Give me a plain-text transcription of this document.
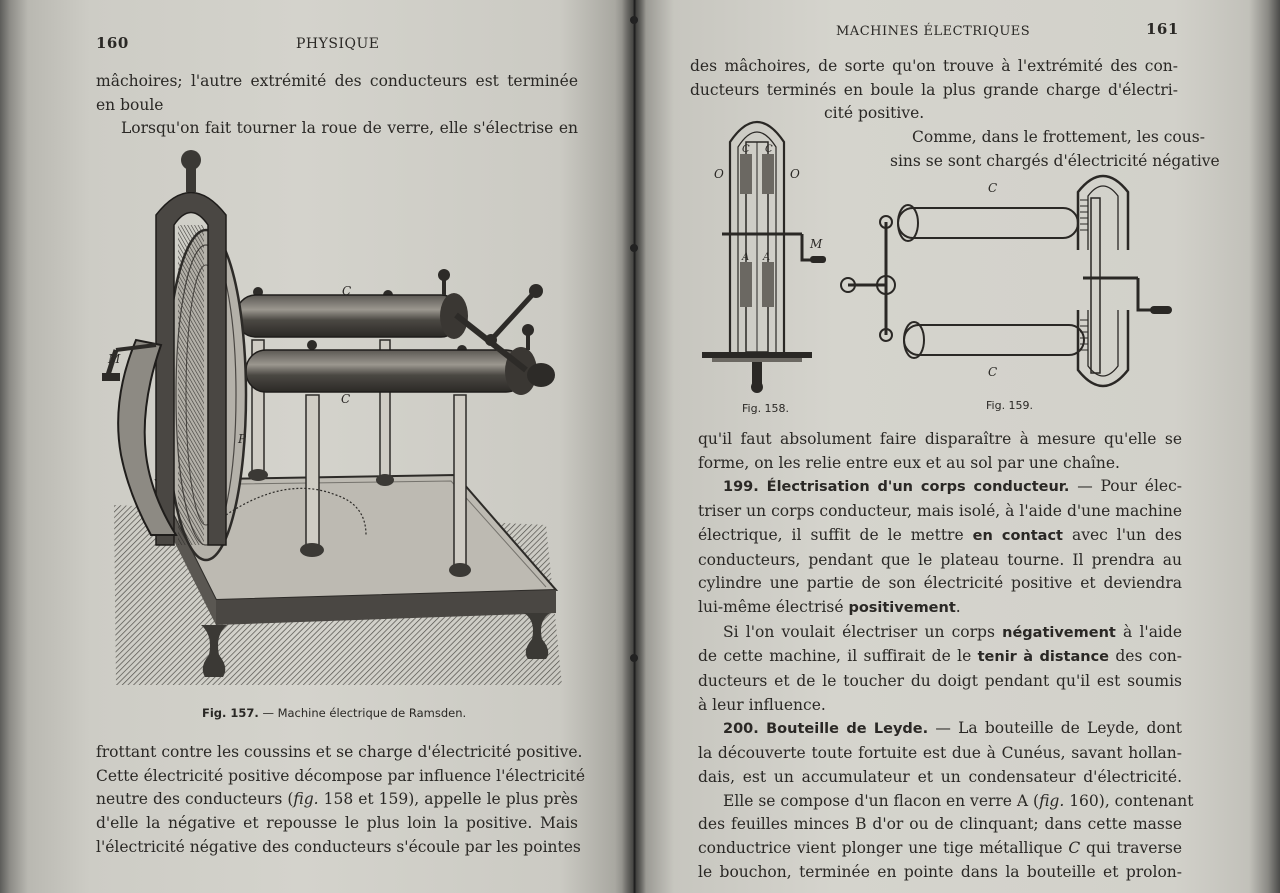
160	PHYSIQUE
mâchoires; l'autre extrémité des conducteurs est terminée
en boule
Lorsqu'on fait tourner la roue de verre, elle s'électrise en
C
C
M
P
Fig. 157. — Machine électrique de Ramsden.
frottant contre les coussins et se charge d'électricité positive.
Cette électricité positive décompose par influence l'électricité
neutre des conducteurs (fig. 158 et 159), appelle le plus près
d'elle la négative et repousse le plus loin la positive. Mais
l'électricité négative des conducteurs s'écoule par les pointes
MACHINES ÉLECTRIQUES	161
des mâchoires, de sorte qu'on trouve à l'extrémité des con-
ducteurs terminés en boule la plus grande charge d'électri-
cité positive.
Comme, dans le frottement, les cous-
sins se sont chargés d'électricité négative
O	O
C C
A A
M
Fig. 158.
C
C
Fig. 159.
qu'il faut absolument faire disparaître à mesure qu'elle se
forme, on les relie entre eux et au sol par une chaîne.
199. Électrisation d'un corps conducteur. — Pour élec-
triser un corps conducteur, mais isolé, à l'aide d'une machine
électrique, il suffit de le mettre en contact avec l'un des
conducteurs, pendant que le plateau tourne. Il prendra au
cylindre une partie de son électricité positive et deviendra
lui-même électrisé positivement.
Si l'on voulait électriser un corps négativement à l'aide
de cette machine, il suffirait de le tenir à distance des con-
ducteurs et de le toucher du doigt pendant qu'il est soumis
à leur influence.
200. Bouteille de Leyde. — La bouteille de Leyde, dont
la découverte toute fortuite est due à Cunéus, savant hollan-
dais, est un accumulateur et un condensateur d'électricité.
Elle se compose d'un flacon en verre A (fig. 160), contenant
des feuilles minces B d'or ou de clinquant; dans cette masse
conductrice vient plonger une tige métallique C qui traverse
le bouchon, terminée en pointe dans la bouteille et prolon-
